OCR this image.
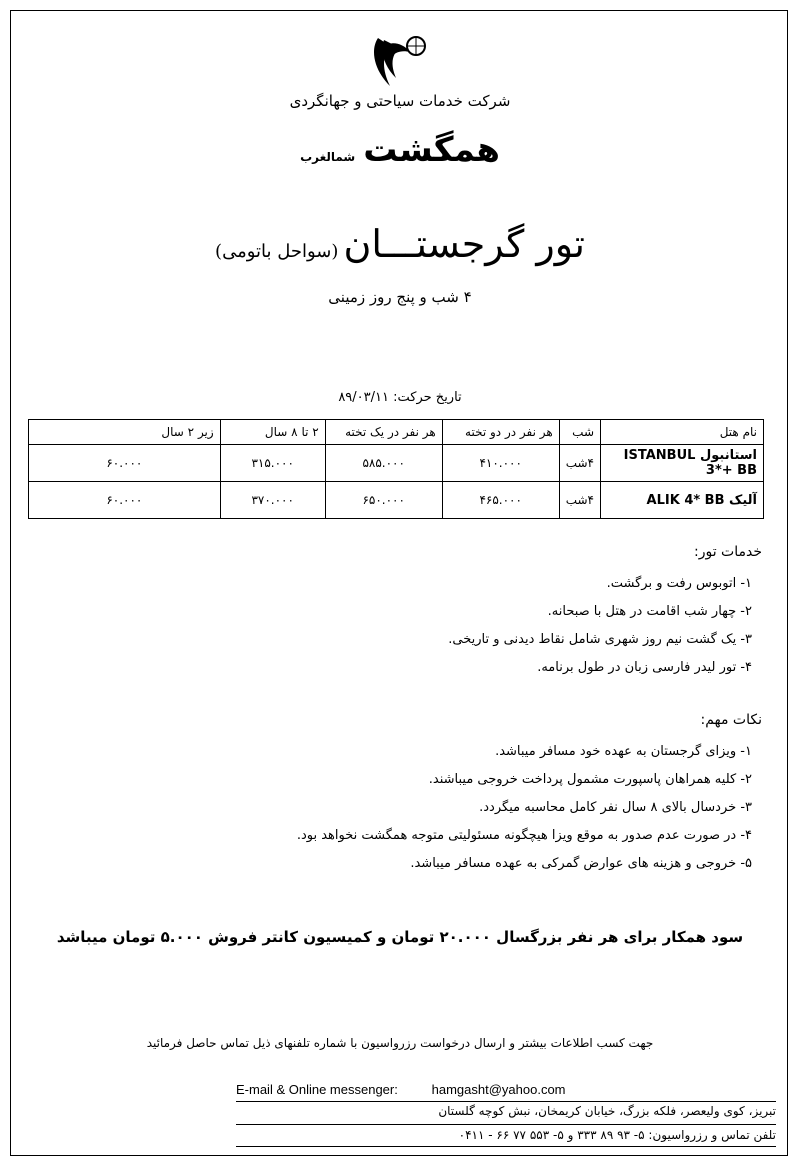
شرکت خدمات سیاحتی و جهانگردی
همگشت
شمالغرب
تور گرجستـــان (سواحل باتومی)
۴ شب و پنج روز زمینی
تاریخ حرکت: ۸۹/۰۳/۱۱
نام هتل	شب	هر نفر در دو تخته	هر نفر در یک تخته	۲ تا ۸ سال	زیر ۲ سال
استانبول ISTANBUL 3*+ BB	۴شب	۴۱۰.۰۰۰	۵۸۵.۰۰۰	۳۱۵.۰۰۰	۶۰.۰۰۰
آلیک ALIK 4* BB	۴شب	۴۶۵.۰۰۰	۶۵۰.۰۰۰	۳۷۰.۰۰۰	۶۰.۰۰۰
خدمات تور:
۱- اتوبوس رفت و برگشت.
۲- چهار شب اقامت در هتل با صبحانه.
۳- یک گشت نیم روز شهری شامل نقاط دیدنی و تاریخی.
۴- تور لیدر فارسی زبان در طول برنامه.
نکات مهم:
۱- ویزای گرجستان به عهده خود مسافر میباشد.
۲- کلیه همراهان پاسپورت مشمول پرداخت خروجی میباشند.
۳- خردسال بالای ۸ سال نفر کامل محاسبه میگردد.
۴- در صورت عدم صدور به موقع ویزا هیچگونه مسئولیتی متوجه همگشت نخواهد بود.
۵- خروجی و هزینه های عوارض گمرکی به عهده مسافر میباشد.
سود همکار برای هر نفر بزرگسال ۲۰.۰۰۰ تومان و کمیسیون کانتر فروش ۵.۰۰۰ تومان میباشد
جهت کسب اطلاعات بیشتر و ارسال درخواست رزرواسیون با شماره تلفنهای ذیل تماس حاصل فرمائید
E-mail & Online messenger:	hamgasht@yahoo.com
تبریز، کوی ولیعصر، فلکه بزرگ، خیابان کریمخان، نبش کوچه گلستان
تلفن تماس و رزرواسیون: ۵- ۹۳ ۸۹ ۳۳۳ و ۵- ۵۵۳ ۷۷ ۶۶ - ۰۴۱۱
